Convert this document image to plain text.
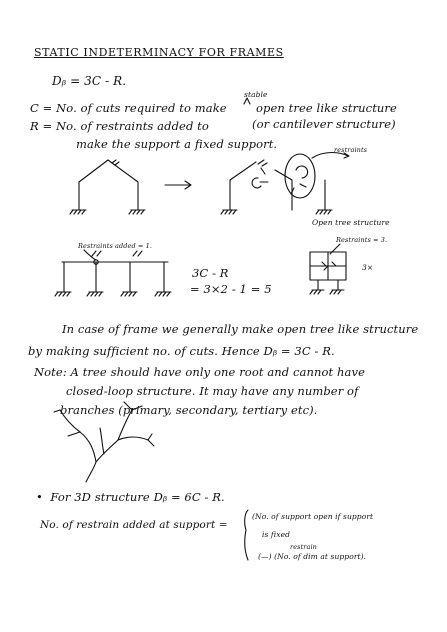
STATIC INDETERMINACY FOR FRAMES
Dᵦ = 3C - R.
C = No. of cuts required to make
stable
open tree like structure
R = No. of restraints added to	(or cantilever structure)
make the support a fixed support.	restraints
Open tree structure
Restraints added = 1.
Restraints = 3.
3×
3C - R
= 3×2 - 1 = 5
In case of frame we generally make open tree like structure
by making sufficient no. of cuts. Hence Dᵦ = 3C - R.
Note: A tree should have only one root and cannot have
closed-loop structure. It may have any number of
branches (primary, secondary, tertiary etc).
•  For 3D structure Dᵦ = 6C - R.
No. of restrain added at support =
(No. of support open if support
is fixed
restrain
(—) (No. of dim at support).
